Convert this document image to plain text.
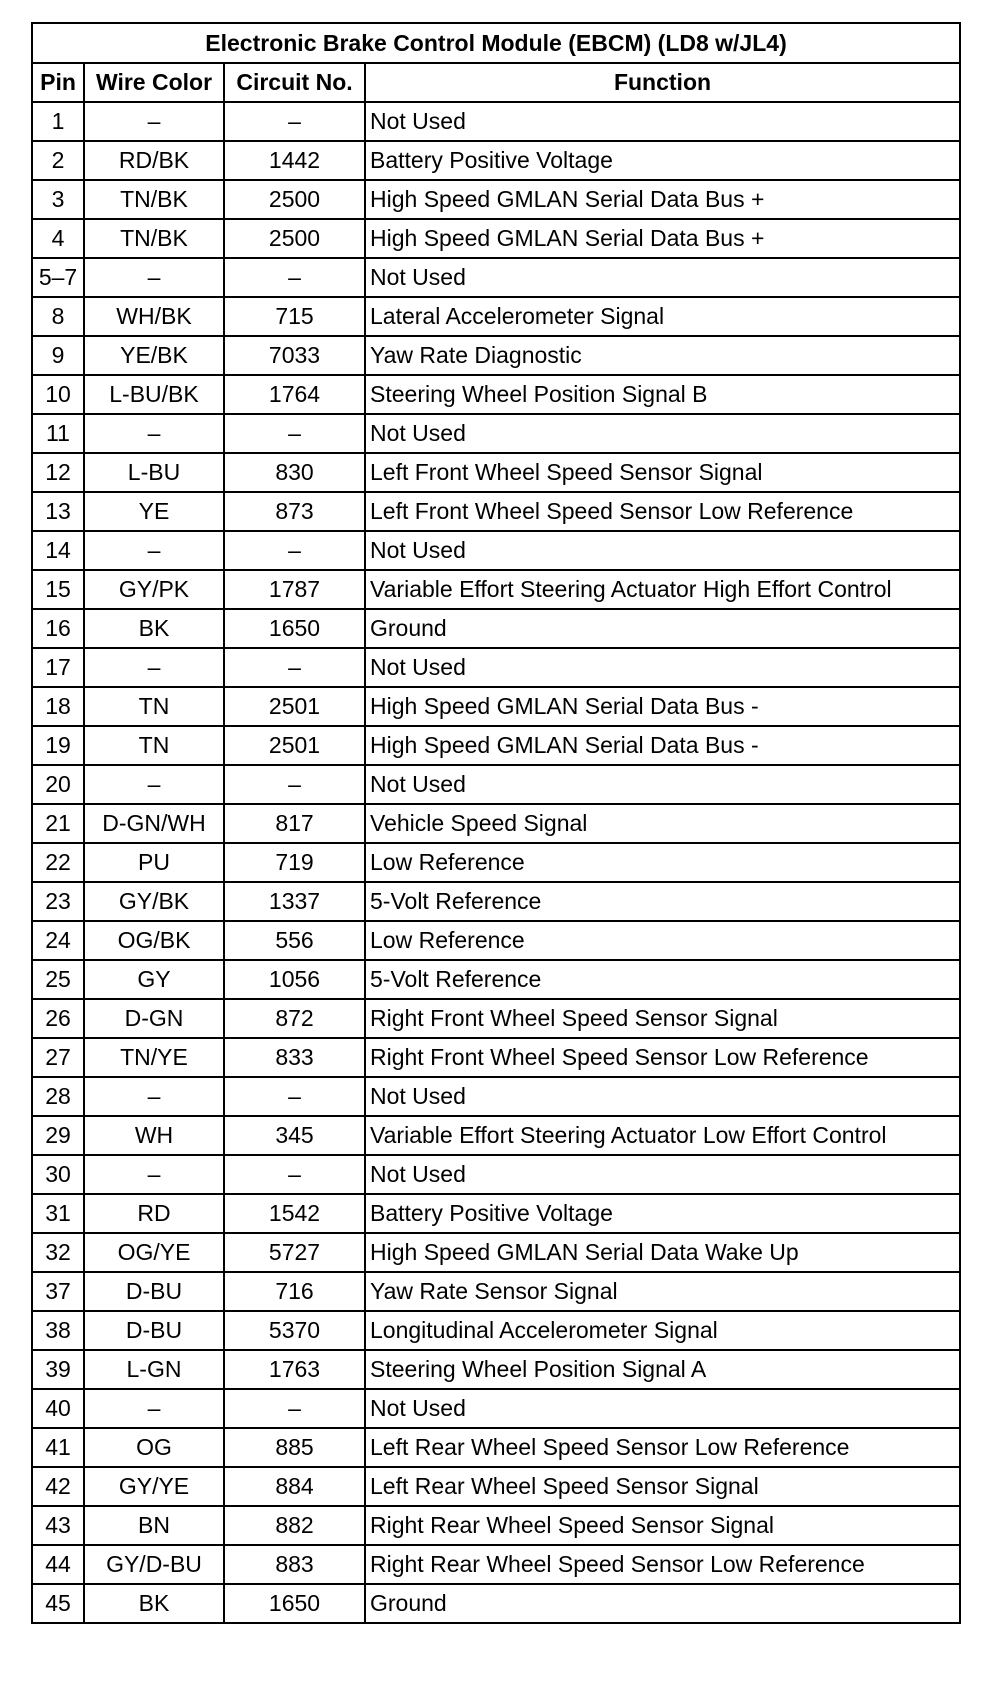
Electronic Brake Control Module (EBCM) (LD8 w/JL4)			
Pin	Wire Color	Circuit No.	Function
1	–	–	Not Used
2	RD/BK	1442	Battery Positive Voltage
3	TN/BK	2500	High Speed GMLAN Serial Data Bus +
4	TN/BK	2500	High Speed GMLAN Serial Data Bus +
5–7	–	–	Not Used
8	WH/BK	715	Lateral Accelerometer Signal
9	YE/BK	7033	Yaw Rate Diagnostic
10	L-BU/BK	1764	Steering Wheel Position Signal B
11	–	–	Not Used
12	L-BU	830	Left Front Wheel Speed Sensor Signal
13	YE	873	Left Front Wheel Speed Sensor Low Reference
14	–	–	Not Used
15	GY/PK	1787	Variable Effort Steering Actuator High Effort Control
16	BK	1650	Ground
17	–	–	Not Used
18	TN	2501	High Speed GMLAN Serial Data Bus -
19	TN	2501	High Speed GMLAN Serial Data Bus -
20	–	–	Not Used
21	D-GN/WH	817	Vehicle Speed Signal
22	PU	719	Low Reference
23	GY/BK	1337	5-Volt Reference
24	OG/BK	556	Low Reference
25	GY	1056	5-Volt Reference
26	D-GN	872	Right Front Wheel Speed Sensor Signal
27	TN/YE	833	Right Front Wheel Speed Sensor Low Reference
28	–	–	Not Used
29	WH	345	Variable Effort Steering Actuator Low Effort Control
30	–	–	Not Used
31	RD	1542	Battery Positive Voltage
32	OG/YE	5727	High Speed GMLAN Serial Data Wake Up
37	D-BU	716	Yaw Rate Sensor Signal
38	D-BU	5370	Longitudinal Accelerometer Signal
39	L-GN	1763	Steering Wheel Position Signal A
40	–	–	Not Used
41	OG	885	Left Rear Wheel Speed Sensor Low Reference
42	GY/YE	884	Left Rear Wheel Speed Sensor Signal
43	BN	882	Right Rear Wheel Speed Sensor Signal
44	GY/D-BU	883	Right Rear Wheel Speed Sensor Low Reference
45	BK	1650	Ground
